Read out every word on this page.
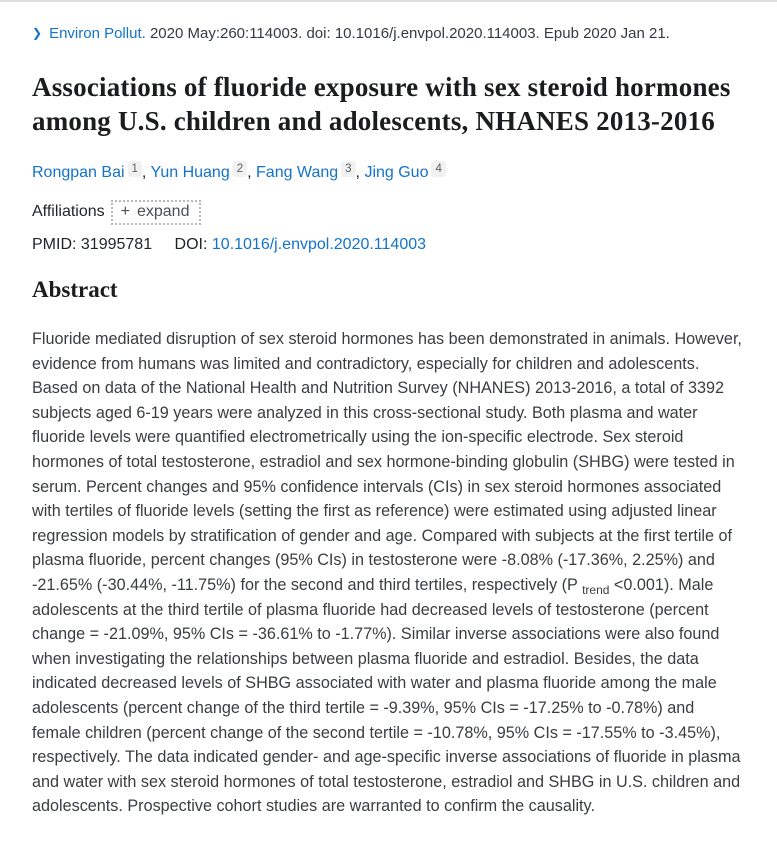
❯ Environ Pollut. 2020 May:260:114003. doi: 10.1016/j.envpol.2020.114003. Epub 2020 Jan 21.
Associations of fluoride exposure with sex steroid hormones among U.S. children and adolescents, NHANES 2013-2016
Rongpan Bai 1 , Yun Huang 2 , Fang Wang 3 , Jing Guo 4
Affiliations + expand
PMID: 31995781 DOI: 10.1016/j.envpol.2020.114003
Abstract

Fluoride mediated disruption of sex steroid hormones has been demonstrated in animals. However, evidence from humans was limited and contradictory, especially for children and adolescents. Based on data of the National Health and Nutrition Survey (NHANES) 2013-2016, a total of 3392 subjects aged 6-19 years were analyzed in this cross-sectional study. Both plasma and water fluoride levels were quantified electrometrically using the ion-specific electrode. Sex steroid hormones of total testosterone, estradiol and sex hormone-binding globulin (SHBG) were tested in serum. Percent changes and 95% confidence intervals (CIs) in sex steroid hormones associated with tertiles of fluoride levels (setting the first as reference) were estimated using adjusted linear regression models by stratification of gender and age. Compared with subjects at the first tertile of plasma fluoride, percent changes (95% CIs) in testosterone were -8.08% (-17.36%, 2.25%) and -21.65% (-30.44%, -11.75%) for the second and third tertiles, respectively (P $_{trend}$ <0.001). Male adolescents at the third tertile of plasma fluoride had decreased levels of testosterone (percent change = -21.09%, 95% CIs = -36.61% to -1.77%). Similar inverse associations were also found when investigating the relationships between plasma fluoride and estradiol. Besides, the data indicated decreased levels of SHBG associated with water and plasma fluoride among the male adolescents (percent change of the third tertile = -9.39%, 95% CIs = -17.25% to -0.78%) and female children (percent change of the second tertile = -10.78%, 95% CIs = -17.55% to -3.45%), respectively. The data indicated gender- and age-specific inverse associations of fluoride in plasma and water with sex steroid hormones of total testosterone, estradiol and SHBG in U.S. children and adolescents. Prospective cohort studies are warranted to confirm the causality.
